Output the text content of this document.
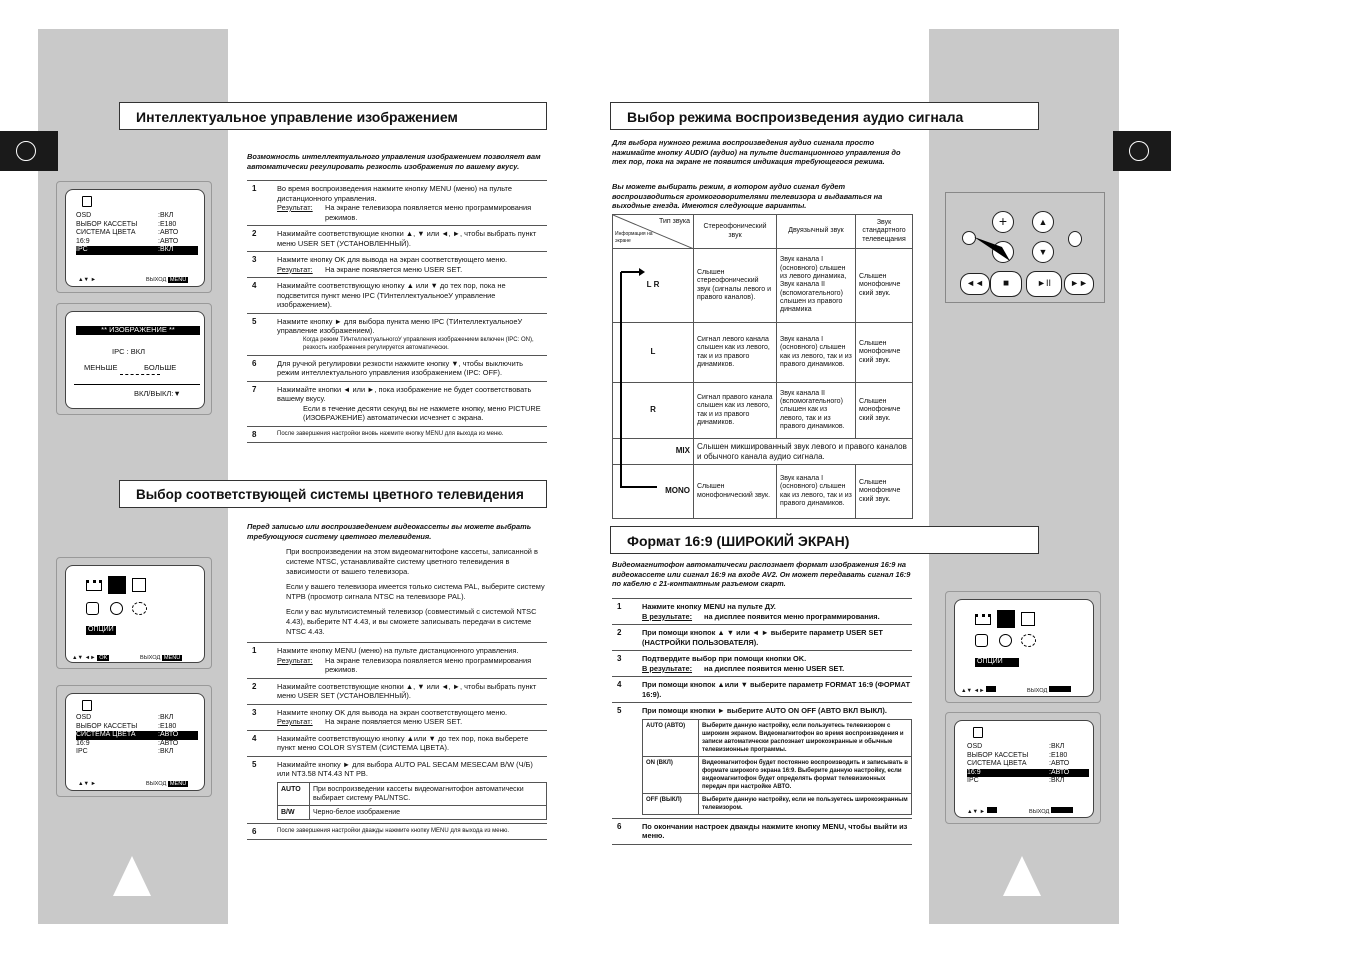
Интеллектуальное управление изображением
Возможность интеллектуального управления изображением позволяет вам автоматически регулировать резкость изображения по вашему вкусу.
1	Во время воспроизведения нажмите кнопку MENU (меню) на пульте дистанционного управления.
Результат:	На экране телевизора появляется меню программирования режимов.
2	Нажимайте соответствующие кнопки ▲, ▼ или ◄, ►, чтобы выбрать пункт меню USER SET (УСТАНОВЛЕННЫЙ).
3	Нажмите кнопку OK для вывода на экран соответствующего меню.
Результат:	На экране появляется меню USER SET.
4	Нажимайте соответствующую кнопку ▲ или ▼ до тех пор, пока не подсветится пункт меню IPC (ТИнтеллектуальноеУ управление изображением).
5	Нажмите кнопку ► для выбора пункта меню IPC (ТИнтеллектуальноеУ управление изображением).
Когда режим ТИнтеллектуальногоУ управления изображением включен (IPC: ON), резкость изображения регулируется автоматически.
6	Для ручной регулировки резкости нажмите кнопку ▼, чтобы выключить режим интеллектуального управления изображением (IPC: OFF).
7	Нажимайте кнопки ◄ или ►, пока изображение не будет соответствовать вашему вкусу.
Если в течение десяти секунд вы не нажмете кнопку, меню PICTURE (ИЗОБРАЖЕНИЕ) автоматически исчезнет с экрана.
8	После завершения настройки вновь нажмите кнопку MENU для выхода из меню.
Выбор соответствующей системы цветного телевидения
Перед записью или воспроизведением видеокассеты вы можете выбрать требующуюся систему цветного телевидения.
При воспроизведении на этом видеомагнитофоне кассеты, записанной в системе NTSC, устанавливайте систему цветного телевидения в зависимости от вашего телевизора.
Если у вашего телевизора имеется только система PAL, выберите систему NTPB (просмотр сигнала NTSC на телевизоре PAL).
Если у вас мультисистемный телевизор (совместимый с системой NTSC 4.43), выберите NT 4.43, и вы сможете записывать передачи в системе NTSC 4.43.
1	Нажмите кнопку MENU (меню) на пульте дистанционного управления.
Результат:	На экране телевизора появляется меню программирования режимов.
2	Нажимайте соответствующие кнопки ▲, ▼ или ◄, ►, чтобы выбрать пункт меню USER SET (УСТАНОВЛЕННЫЙ).
3	Нажмите кнопку OK для вывода на экран соответствующего меню.
Результат:	На экране появляется меню USER SET.
4	Нажимайте соответствующую кнопку ▲или ▼ до тех пор, пока выберете пункт меню COLOR SYSTEM (СИСТЕМА ЦВЕТА).
5	Нажимайте кнопку ► для выбора AUTO PAL SECAM MESECAM B/W (Ч/Б) или NT3.58 NT4.43 NT PB.
AUTO	При воспроизведении кассеты видеомагнитофон автоматически выбирает систему PAL/NTSC.
B/W	Черно-белое изображение
6	После завершения настройки дважды нажмите кнопку MENU для выхода из меню.
OSD	:ВКЛ
ВЫБОР КАССЕТЫ	:E180
СИСТЕМА ЦВЕТА	:АВТО
16:9	:АВТО
IPC	:ВКЛ
▲▼ ►	ВЫХОД MENU
** ИЗОБРАЖЕНИЕ **
IPC : ВКЛ
МЕНЬШЕ	БОЛЬШЕ
ВКЛ/ВЫКЛ:▼
ОПЦИИ
▲▼ ◄► OK	ВЫХОД MENU
OSD	:ВКЛ
ВЫБОР КАССЕТЫ	:E180
СИСТЕМА ЦВЕТА	:АВТО
16:9	:АВТО
IPC	:ВКЛ
▲▼ ►	ВЫХОД MENU
Выбор режима воспроизведения аудио сигнала
Для выбора нужного режима воспроизведения аудио сигнала просто нажимайте кнопку AUDIO (аудио) на пульте дистанционного управления до тех пор, пока на экране не появится индикация требующегося режима.
Вы можете выбирать режим, в котором аудио сигнал будет воспроизводиться громкоговорителями телевизора и выдаваться на выходные гнезда. Имеются следующие варианты.
Тип звука
Информация на экране	Стереофонический звук	Двуязычный звук	Звук стандартного телевещания
L R	Слышен стереофонический звук (сигналы левого и правого каналов).	Звук канала I (основного) слышен из левого динамика, Звук канала II (вспомогательного) слышен из правого динамика	Слышен монофониче ский звук.
L	Сигнал левого канала слышен как из левого, так и из правого динамиков.	Звук канала I (основного) слышен как из левого, так и из правого динамиков.	Слышен монофониче ский звук.
R	Сигнал правого канала слышен как из левого, так и из правого динамиков.	Звук канала II (вспомогательного) слышен как из левого, так и из правого динамиков.	Слышен монофониче ский звук.
MIX	Слышен микшированный звук левого и правого каналов и обычного канала аудио сигнала.		
MONO	Слышен монофонический звук.	Звук канала I (основного) слышен как из левого, так и из правого динамиков.	Слышен монофониче ский звук.
Формат 16:9 (ШИРОКИЙ ЭКРАН)
Видеомагнитофон автоматически распознает формат изображения 16:9 на видеокассете или сигнал 16:9 на входе AV2. Он может передавать сигнал 16:9 по кабелю с 21-контактным разъемом скарт.
1	Нажмите кнопку MENU на пульте ДУ.
В результате:	на дисплее появится меню программирования.
2	При помощи кнопок ▲ ▼ или ◄ ► выберите параметр USER SET (НАСТРОЙКИ ПОЛЬЗОВАТЕЛЯ).
3	Подтвердите выбор при помощи кнопки OK.
В результате:	на дисплее появится меню USER SET.
4	При помощи кнопок ▲или ▼ выберите параметр FORMAT 16:9 (ФОРМАТ 16:9).
5	При помощи кнопки ► выберите AUTO ON OFF (АВТО ВКЛ ВЫКЛ).
AUTO (АВТО)	Выберите данную настройку, если пользуетесь телевизором с широким экраном. Видеомагнитофон во время воспроизведения и записи автоматически распознает широкоэкранные и обычные телевизионные программы.
ON (ВКЛ)	Видеомагнитофон будет постоянно воспроизводить и записывать в формате широкого экрана 16:9. Выберите данную настройку, если видеомагнитофон будет определять формат телевизионных передач при настройке АВТО.
OFF (ВЫКЛ)	Выберите данную настройку, если не пользуетесь широкоэкранным телевизором.
6	По окончании настроек дважды нажмите кнопку MENU, чтобы выйти из меню.
+	▲
▼
◄◄	■	►II	►►
ОПЦИИ
▲▼ ◄►	ВЫХОД
OSD	:ВКЛ
ВЫБОР КАССЕТЫ	:E180
СИСТЕМА ЦВЕТА	:АВТО
16:9	:АВТО
IPC	:ВКЛ
▲▼ ►	ВЫХОД
